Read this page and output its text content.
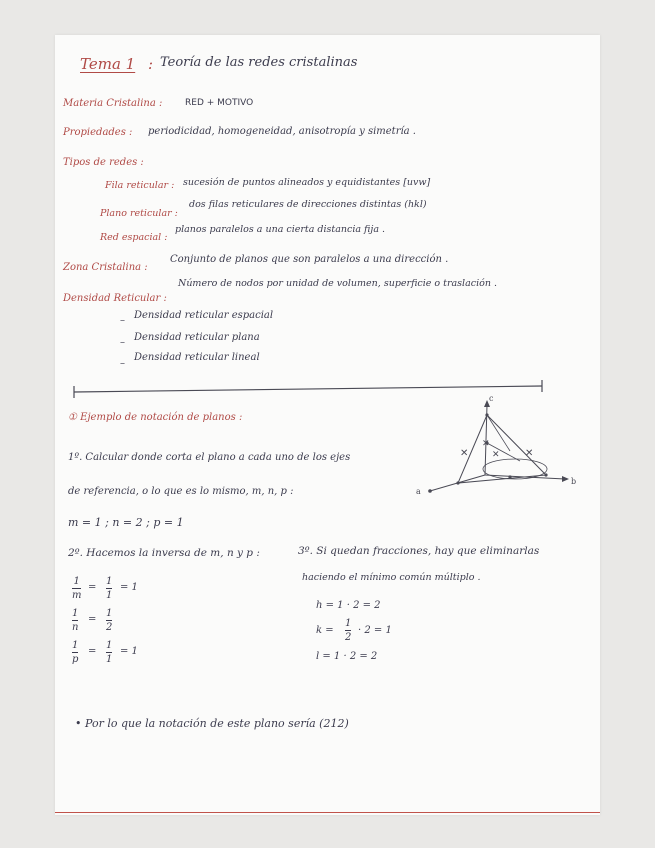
Tema 1 : Teoría de las redes cristalinas
Materia Cristalina :	RED + MOTIVO
Propiedades : periodicidad, homogeneidad, anisotropía y simetría .
Tipos de redes :
Fila reticular : sucesión de puntos alineados y equidistantes [uvw]
Plano reticular :
dos filas reticulares de direcciones distintas (hkl)
Red espacial :
planos paralelos a una cierta distancia fija .
Zona Cristalina :
Conjunto de planos que son paralelos a una dirección .
Densidad Reticular :
Número de nodos por unidad de volumen, superficie o traslación .
– Densidad reticular espacial
– Densidad reticular plana
–
Densidad reticular lineal
① Ejemplo de notación de planos :
1º. Calcular donde corta el plano a cada uno de los ejes
de referencia, o lo que es lo mismo, m, n, p :
m = 1 ; n = 2 ; p = 1
2º. Hacemos la inversa de m, n y p :	3º. Si quedan fracciones, hay que eliminarlas
haciendo el mínimo común múltiplo .
1
m
=
1
1
= 1
1
n
=
1
2
1
p
=
1
1
= 1
h = 1 · 2 = 2
k =
1
2
· 2 = 1
l = 1 · 2 = 2
• Por lo que la notación de este plano sería (212)
✕
✕
✕	✕
c
a
b
